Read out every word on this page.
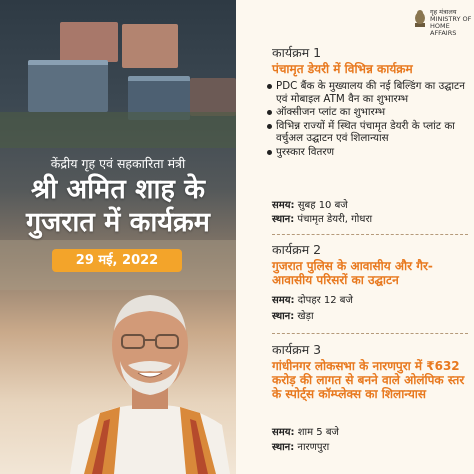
केंद्रीय गृह एवं सहकारिता मंत्री
श्री अमित शाह के
गुजरात में कार्यक्रम
29 मई, 2022
गृह मंत्रालय
MINISTRY OF
HOME AFFAIRS
कार्यक्रम 1
पंचामृत डेयरी में विभिन्न कार्यक्रम
PDC बैंक के मुख्यालय की नई बिल्डिंग का उद्घाटन एवं मोबाइल ATM वैन का शुभारम्भ
ऑक्सीजन प्लांट का शुभारम्भ
विभिन्न राज्यों में स्थित पंचामृत डेयरी के प्लांट का वर्चुअल उद्घाटन एवं शिलान्यास
पुरस्कार वितरण
समय: सुबह 10 बजे
स्थान: पंचामृत डेयरी, गोधरा
कार्यक्रम 2
गुजरात पुलिस के आवासीय और गैर-आवासीय परिसरों का उद्घाटन
समय: दोपहर 12 बजे
स्थान: खेड़ा
कार्यक्रम 3
गांधीनगर लोकसभा के नारणपुरा में ₹632 करोड़ की लागत से बनने वाले ओलंपिक स्तर के स्पोर्ट्स कॉम्प्लेक्स का शिलान्यास
समय: शाम 5 बजे
स्थान: नारणपुरा
